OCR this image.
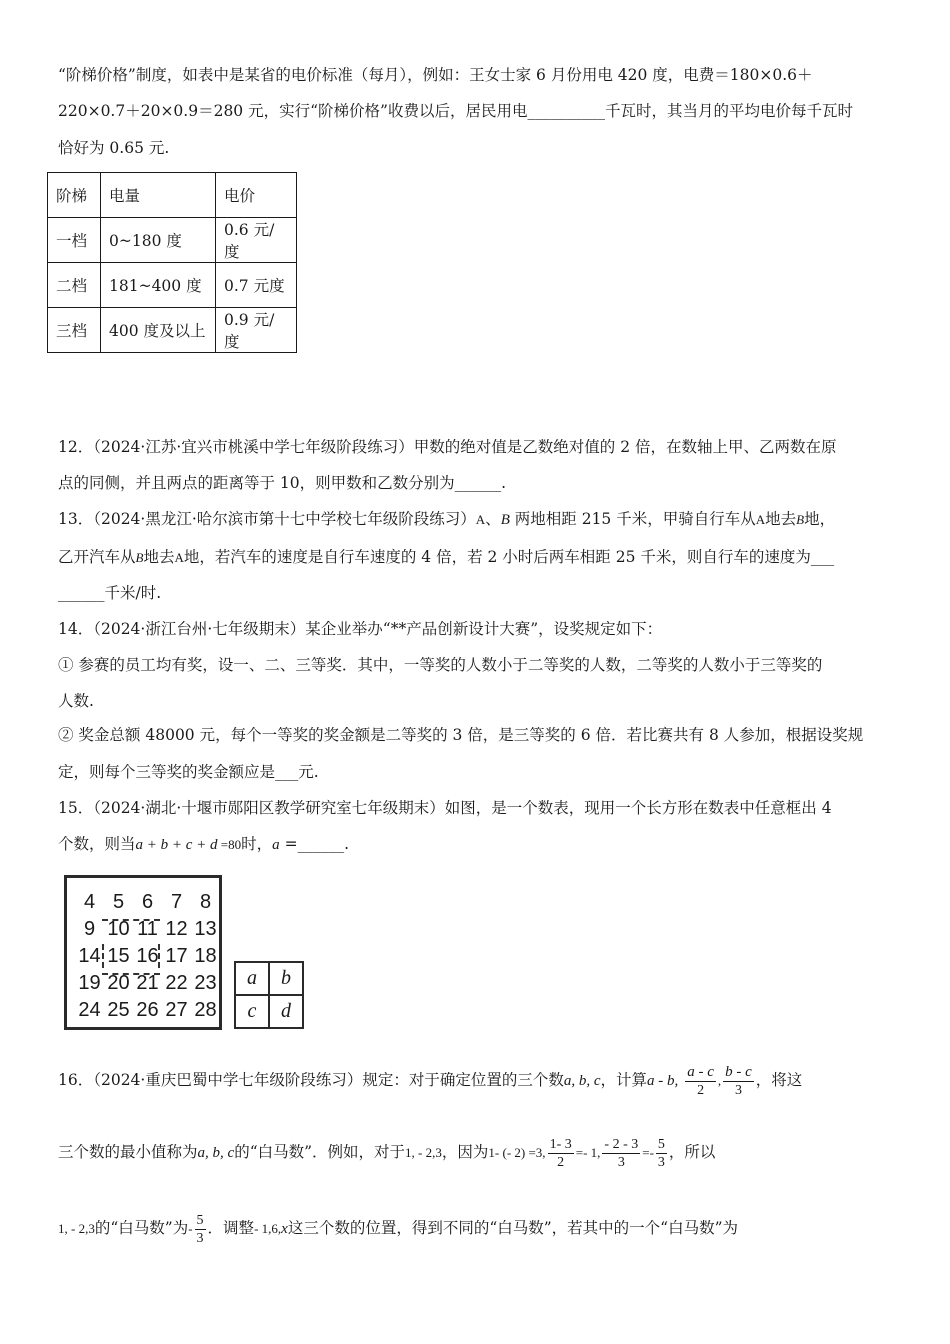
“阶梯价格”制度，如表中是某省的电价标准（每月），例如：王女士家 6 月份用电 420 度，电费＝180×0.6＋
220×0.7＋20×0.9＝280 元，实行“阶梯价格”收费以后，居民用电__________千瓦时，其当月的平均电价每千瓦时
恰好为 0.65 元.
阶梯	电量	电价
一档	0~180 度	0.6 元/度
二档	181~400 度	0.7 元度
三档	400 度及以上	0.9 元/度
12．（2024·江苏·宜兴市桃溪中学七年级阶段练习）甲数的绝对值是乙数绝对值的 2 倍，在数轴上甲、乙两数在原
点的同侧，并且两点的距离等于 10，则甲数和乙数分别为______.
13．（2024·黑龙江·哈尔滨市第十七中学校七年级阶段练习）A、B 两地相距 215 千米，甲骑自行车从A地去B地，
乙开汽车从B地去A地，若汽车的速度是自行车速度的 4 倍，若 2 小时后两车相距 25 千米，则自行车的速度为___
______千米/时.
14．（2024·浙江台州·七年级期末）某企业举办“**产品创新设计大赛”，设奖规定如下：
① 参赛的员工均有奖，设一、二、三等奖．其中，一等奖的人数小于二等奖的人数，二等奖的人数小于三等奖的
人数.
② 奖金总额 48000 元，每个一等奖的奖金额是二等奖的 3 倍，是三等奖的 6 倍．若比赛共有 8 人参加，根据设奖规
定，则每个三等奖的奖金额应是___元.
15．（2024·湖北·十堰市郧阳区教学研究室七年级期末）如图，是一个数表，现用一个长方形在数表中任意框出 4
个数，则当a + b + c + d =80时，a =______.
4 5 6 7 8
9 10 11 12 13
14 15 16 17 18
19 20 21 22 23
24 25 26 27 28
a	b
c	d
16．（2024·重庆巴蜀中学七年级阶段练习）规定：对于确定位置的三个数a, b, c，计算a - b, $\frac{a - c}{2}$ , $\frac{b - c}{3}$ ，将这
三个数的最小值称为a, b, c的“白马数”．例如，对于1, - 2,3，因为1- (- 2) =3, $\frac{1- 3}{2} =- 1$, $\frac{- 2 - 3}{3} =- \frac{5}{3}$ ，所以
1, - 2,3的“白马数”为- $\frac{5}{3}$ ．调整- 1,6,x这三个数的位置，得到不同的“白马数”，若其中的一个“白马数”为
